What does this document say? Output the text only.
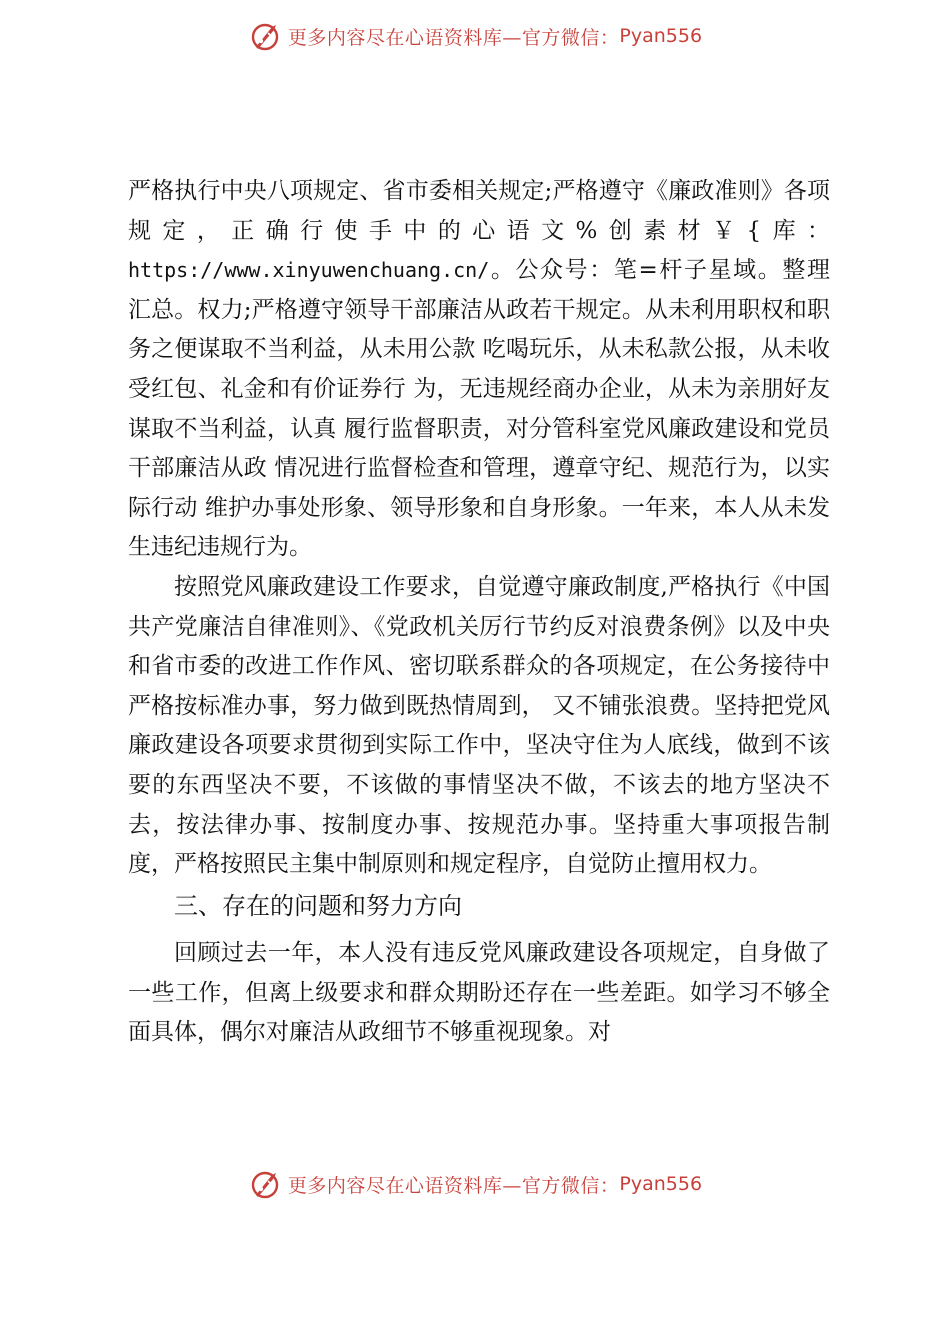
更多内容尽在心语资料库—官方微信： Pyan556

严格执行中央八项规定、省市委相关规定;严格遵守《廉政准则》各项规定，正确行使手中的心语文%创素材￥{库：https://www.xinyuwenchuang.cn/。公众号：笔=杆子星域。整理汇总。权力;严格遵守领导干部廉洁从政若干规定。从未利用职权和职务之便谋取不当利益，从未用公款 吃喝玩乐，从未私款公报，从未收受红包、礼金和有价证券行 为，无违规经商办企业，从未为亲朋好友谋取不当利益，认真 履行监督职责，对分管科室党风廉政建设和党员干部廉洁从政 情况进行监督检查和管理，遵章守纪、规范行为，以实际行动 维护办事处形象、领导形象和自身形象。一年来，本人从未发 生违纪违规行为。

按照党风廉政建设工作要求，自觉遵守廉政制度,严格执行《中国共产党廉洁自律准则》、《党政机关厉行节约反对浪费条例》以及中央和省市委的改进工作作风、密切联系群众的各项规定，在公务接待中严格按标准办事，努力做到既热情周到， 又不铺张浪费。坚持把党风廉政建设各项要求贯彻到实际工作中，坚决守住为人底线，做到不该要的东西坚决不要，不该做的事情坚决不做，不该去的地方坚决不去，按法律办事、按制度办事、按规范办事。坚持重大事项报告制度，严格按照民主集中制原则和规定程序，自觉防止擅用权力。

三、存在的问题和努力方向

回顾过去一年，本人没有违反党风廉政建设各项规定，自身做了一些工作，但离上级要求和群众期盼还存在一些差距。如学习不够全面具体，偶尔对廉洁从政细节不够重视现象。对

更多内容尽在心语资料库—官方微信： Pyan556
